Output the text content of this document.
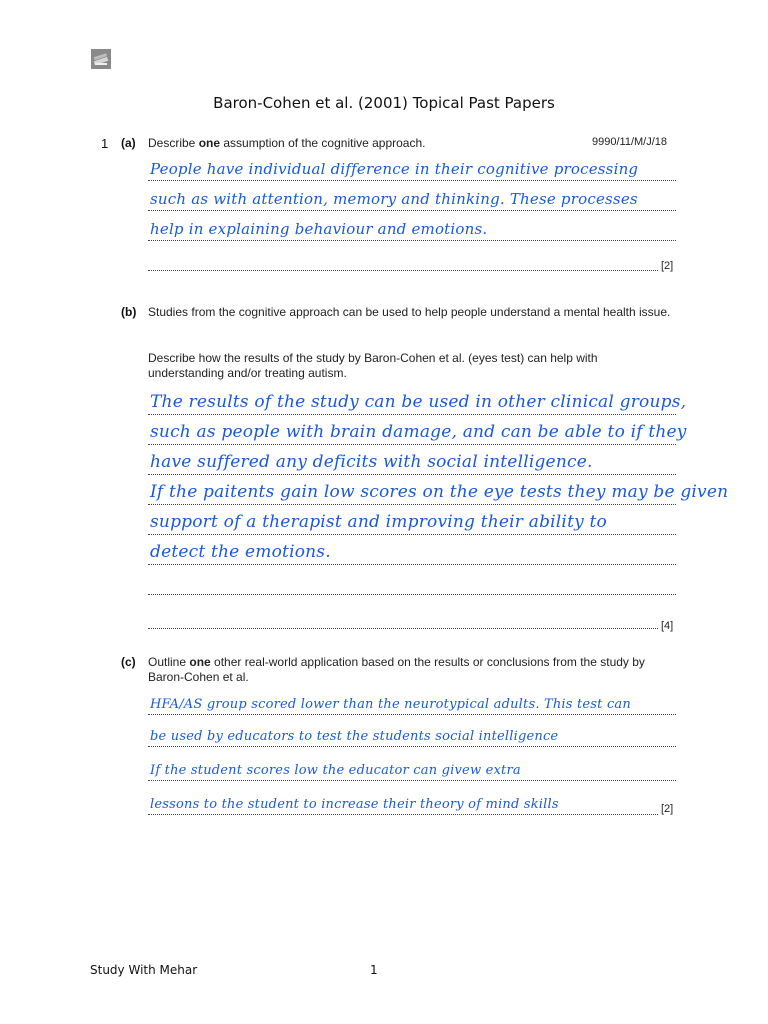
Baron-Cohen et al. (2001) Topical Past Papers
1	9990/11/M/J/18
(a) Describe one assumption of the cognitive approach.
People have individual difference in their cognitive processing
such as with attention, memory and thinking. These processes
help in explaining behaviour and emotions.
[2]
(b) Studies from the cognitive approach can be used to help people understand a mental health issue.
Describe how the results of the study by Baron-Cohen et al. (eyes test) can help with understanding and/or treating autism.
The results of the study can be used in other clinical groups,
such as people with brain damage, and can be able to if they
have suffered any deficits with social intelligence.
If the paitents gain low scores on the eye tests they may be given
support of a therapist and improving their ability to
detect the emotions.
[4]
(c) Outline one other real-world application based on the results or conclusions from the study by Baron-Cohen et al.
HFA/AS group scored lower than the neurotypical adults. This test can
be used by educators to test the students social intelligence
If the student scores low the educator can givew extra
lessons to the student to increase their theory of mind skills	[2]
Study With Mehar	1
